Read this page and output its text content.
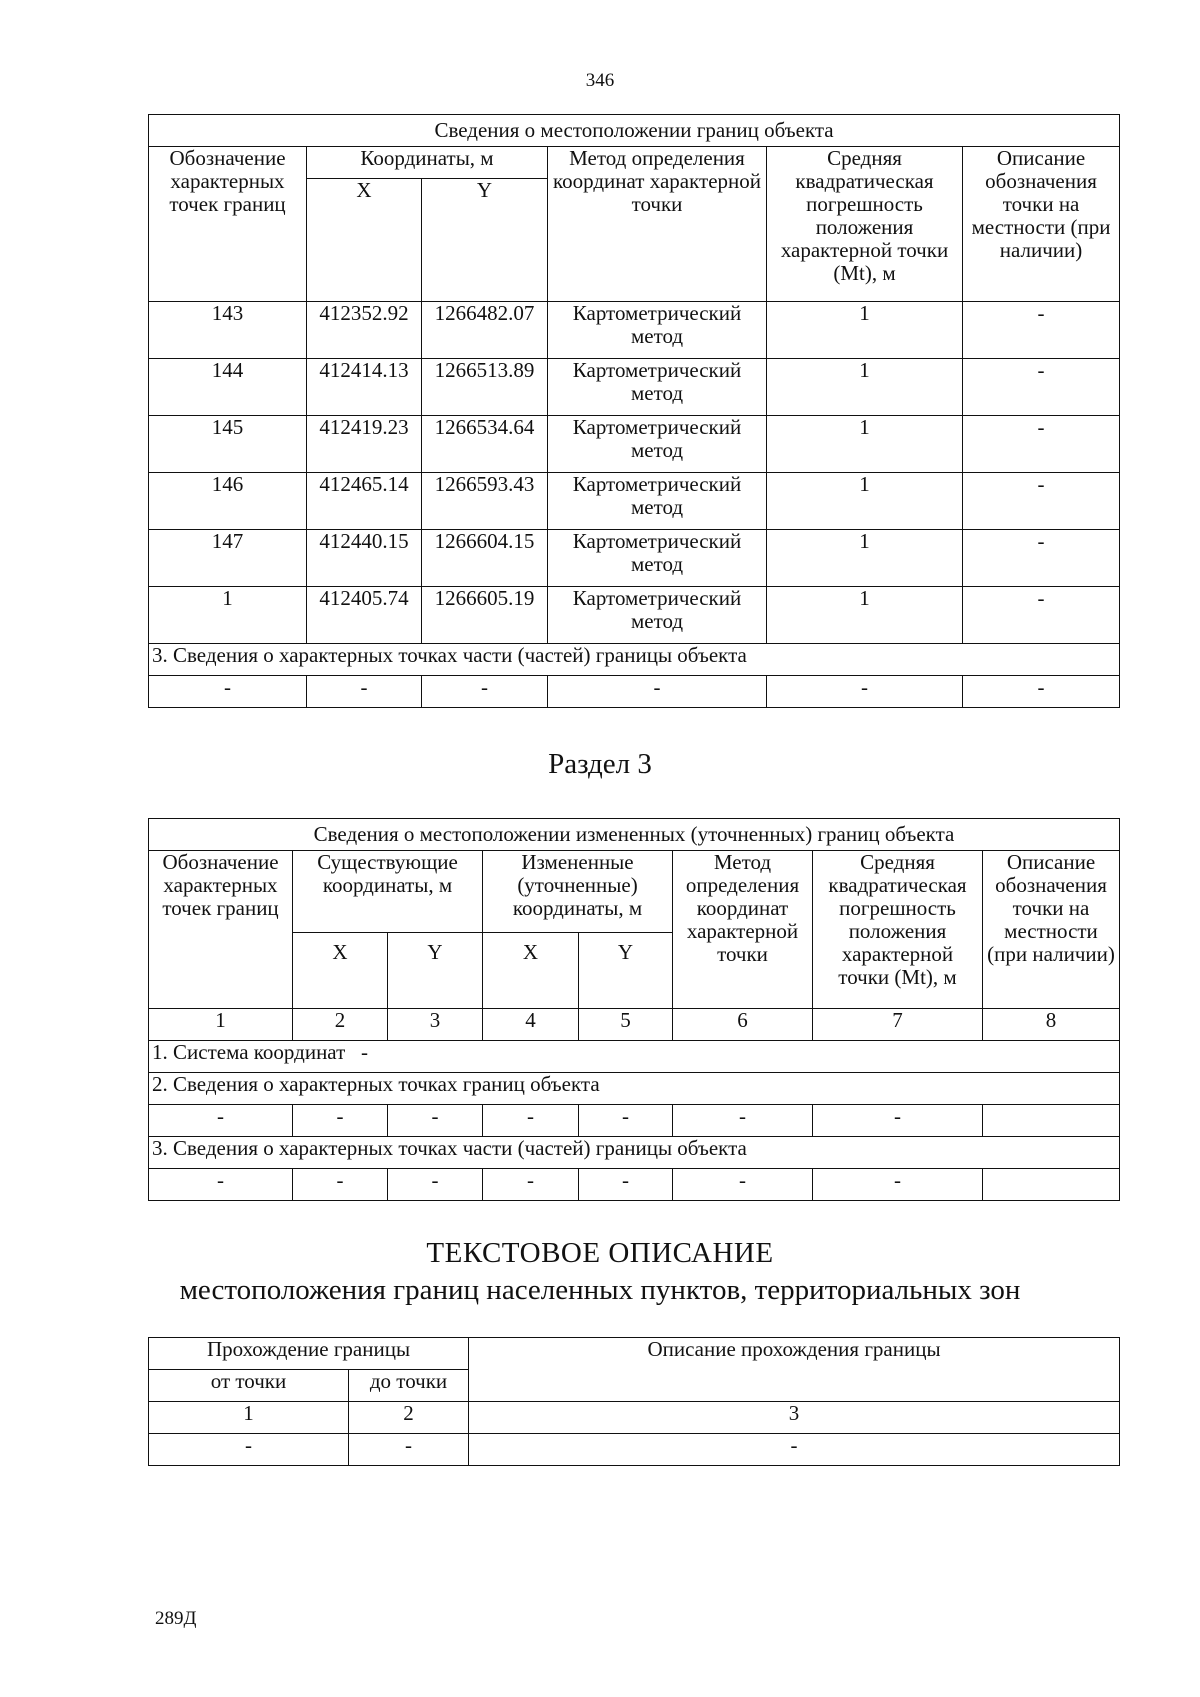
346
Сведения о местоположении границ объекта					
Обозначение характерных точек границ	Координаты, м		Метод определения координат характерной точки	Средняя квадратическая погрешность положения характерной точки (Mt), м	Описание обозначения точки на местности (при наличии)
	X	Y			
143	412352.92	1266482.07	Картометрический метод	1	-
144	412414.13	1266513.89	Картометрический метод	1	-
145	412419.23	1266534.64	Картометрический метод	1	-
146	412465.14	1266593.43	Картометрический метод	1	-
147	412440.15	1266604.15	Картометрический метод	1	-
1	412405.74	1266605.19	Картометрический метод	1	-
3. Сведения о характерных точках части (частей) границы объекта					
-	-	-	-	-	-
Раздел 3
Сведения о местоположении измененных (уточненных) границ объекта							
Обозначение характерных точек границ	Существующие координаты, м		Измененные (уточненные) координаты, м		Метод определения координат характерной точки	Средняя квадратическая погрешность положения характерной точки (Mt), м	Описание обозначения точки на местности (при наличии)
	X	Y	X	Y			
1	2	3	4	5	6	7	8
1. Система координат   -							
2. Сведения о характерных точках границ объекта							
-	-	-	-	-	-	-	
3. Сведения о характерных точках части (частей) границы объекта							
-	-	-	-	-	-	-	
ТЕКСТОВОЕ ОПИСАНИЕ
местоположения границ населенных пунктов, территориальных зон
Прохождение границы		Описание прохождения границы
от точки	до точки	
1	2	3
-	-	-
289Д
